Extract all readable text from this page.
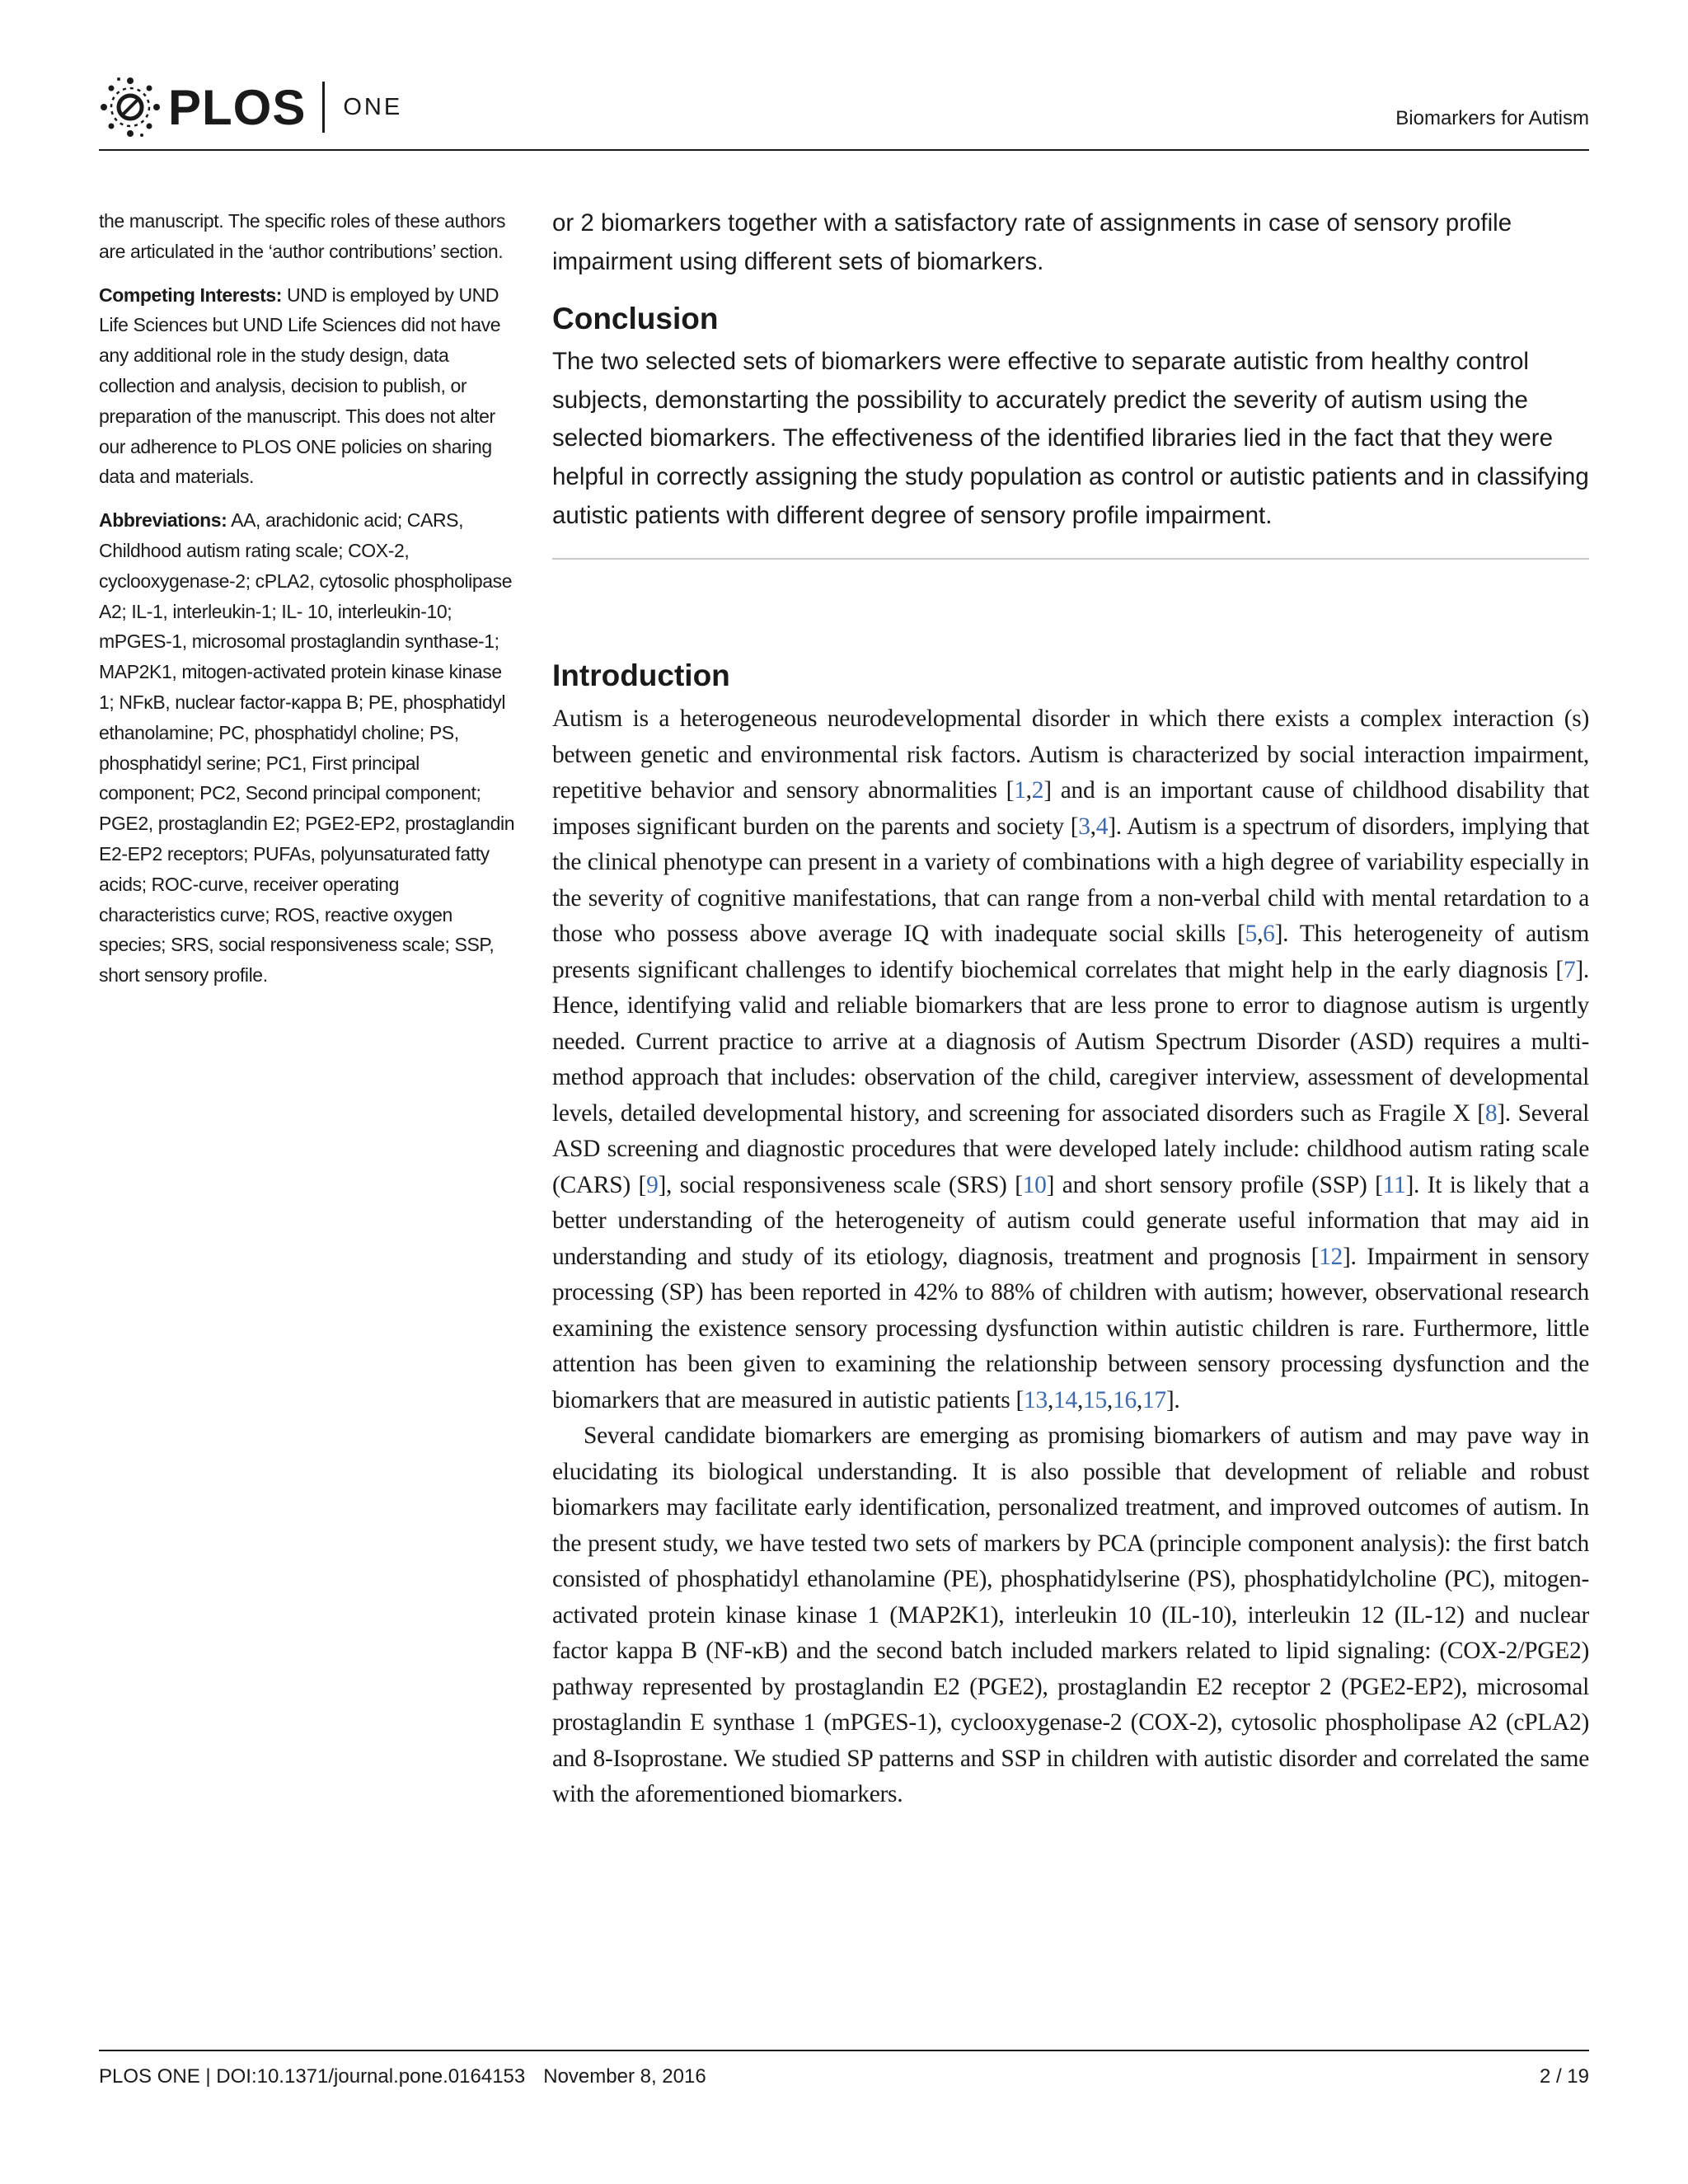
PLOS ONE	Biomarkers for Autism

the manuscript. The specific roles of these authors are articulated in the ‘author contributions’ section.

Competing Interests: UND is employed by UND Life Sciences but UND Life Sciences did not have any additional role in the study design, data collection and analysis, decision to publish, or preparation of the manuscript. This does not alter our adherence to PLOS ONE policies on sharing data and materials.

Abbreviations: AA, arachidonic acid; CARS, Childhood autism rating scale; COX-2, cyclooxygenase-2; cPLA2, cytosolic phospholipase A2; IL-1, interleukin-1; IL- 10, interleukin-10; mPGES-1, microsomal prostaglandin synthase-1; MAP2K1, mitogen-activated protein kinase kinase 1; NFκB, nuclear factor-κappa B; PE, phosphatidyl ethanolamine; PC, phosphatidyl choline; PS, phosphatidyl serine; PC1, First principal component; PC2, Second principal component; PGE2, prostaglandin E2; PGE2-EP2, prostaglandin E2-EP2 receptors; PUFAs, polyunsaturated fatty acids; ROC-curve, receiver operating characteristics curve; ROS, reactive oxygen species; SRS, social responsiveness scale; SSP, short sensory profile.

or 2 biomarkers together with a satisfactory rate of assignments in case of sensory profile impairment using different sets of biomarkers.

Conclusion

The two selected sets of biomarkers were effective to separate autistic from healthy control subjects, demonstarting the possibility to accurately predict the severity of autism using the selected biomarkers. The effectiveness of the identified libraries lied in the fact that they were helpful in correctly assigning the study population as control or autistic patients and in classifying autistic patients with different degree of sensory profile impairment.

Introduction

Autism is a heterogeneous neurodevelopmental disorder in which there exists a complex interaction (s) between genetic and environmental risk factors. Autism is characterized by social interaction impairment, repetitive behavior and sensory abnormalities [1,2] and is an important cause of childhood disability that imposes significant burden on the parents and society [3,4]. Autism is a spectrum of disorders, implying that the clinical phenotype can present in a variety of combinations with a high degree of variability especially in the severity of cognitive manifestations, that can range from a non-verbal child with mental retardation to a those who possess above average IQ with inadequate social skills [5,6]. This heterogeneity of autism presents significant challenges to identify biochemical correlates that might help in the early diagnosis [7]. Hence, identifying valid and reliable biomarkers that are less prone to error to diagnose autism is urgently needed. Current practice to arrive at a diagnosis of Autism Spectrum Disorder (ASD) requires a multi-method approach that includes: observation of the child, caregiver interview, assessment of developmental levels, detailed developmental history, and screening for associated disorders such as Fragile X [8]. Several ASD screening and diagnostic procedures that were developed lately include: childhood autism rating scale (CARS) [9], social responsiveness scale (SRS) [10] and short sensory profile (SSP) [11]. It is likely that a better understanding of the heterogeneity of autism could generate useful information that may aid in understanding and study of its etiology, diagnosis, treatment and prognosis [12]. Impairment in sensory processing (SP) has been reported in 42% to 88% of children with autism; however, observational research examining the existence sensory processing dysfunction within autistic children is rare. Furthermore, little attention has been given to examining the relationship between sensory processing dysfunction and the biomarkers that are measured in autistic patients [13,14,15,16,17].

Several candidate biomarkers are emerging as promising biomarkers of autism and may pave way in elucidating its biological understanding. It is also possible that development of reliable and robust biomarkers may facilitate early identification, personalized treatment, and improved outcomes of autism. In the present study, we have tested two sets of markers by PCA (principle component analysis): the first batch consisted of phosphatidyl ethanolamine (PE), phosphatidylserine (PS), phosphatidylcholine (PC), mitogen-activated protein kinase kinase 1 (MAP2K1), interleukin 10 (IL-10), interleukin 12 (IL-12) and nuclear factor kappa B (NF-κB) and the second batch included markers related to lipid signaling: (COX-2/PGE2) pathway represented by prostaglandin E2 (PGE2), prostaglandin E2 receptor 2 (PGE2-EP2), microsomal prostaglandin E synthase 1 (mPGES-1), cyclooxygenase-2 (COX-2), cytosolic phospholipase A2 (cPLA2) and 8-Isoprostane. We studied SP patterns and SSP in children with autistic disorder and correlated the same with the aforementioned biomarkers.

PLOS ONE | DOI:10.1371/journal.pone.0164153 November 8, 2016	2 / 19
